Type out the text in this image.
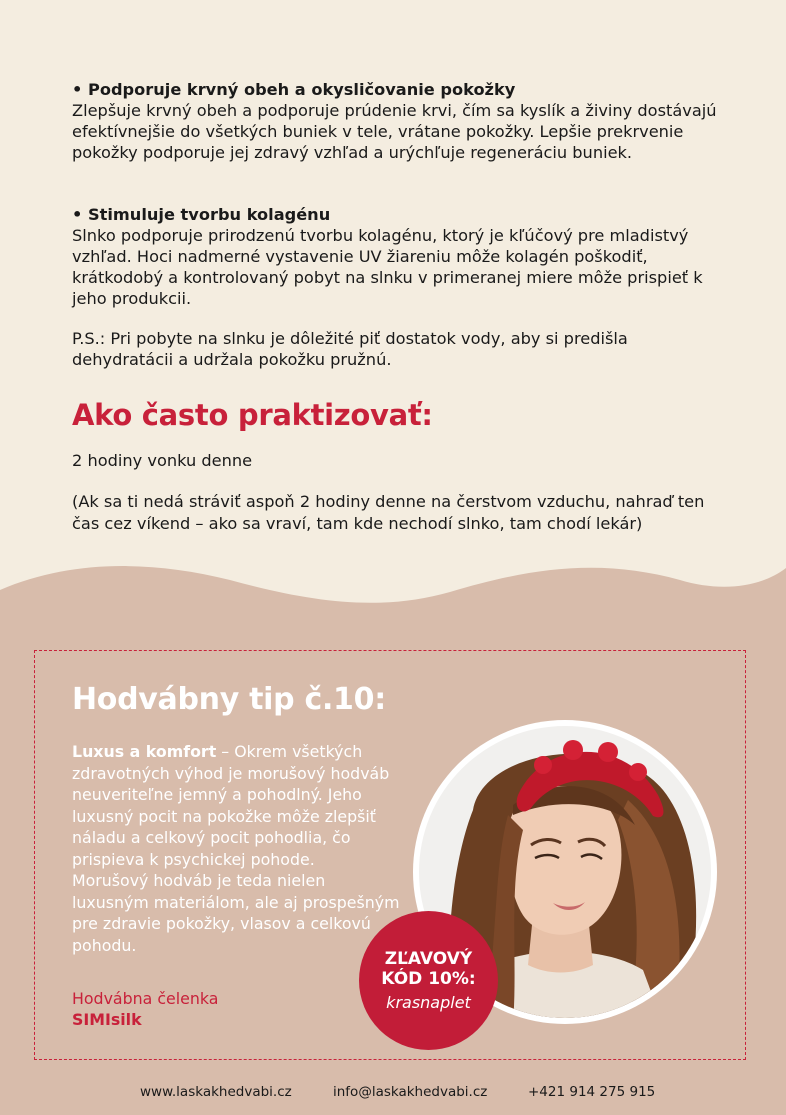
• Podporuje krvný obeh a okysličovanie pokožky
Zlepšuje krvný obeh a podporuje prúdenie krvi, čím sa kyslík a živiny dostávajú efektívnejšie do všetkých buniek v tele, vrátane pokožky. Lepšie prekrvenie pokožky podporuje jej zdravý vzhľad a urýchľuje regeneráciu buniek.
• Stimuluje tvorbu kolagénu
Slnko podporuje prirodzenú tvorbu kolagénu, ktorý je kľúčový pre mladistvý vzhľad. Hoci nadmerné vystavenie UV žiareniu môže kolagén poškodiť, krátkodobý a kontrolovaný pobyt na slnku v primeranej miere môže prispieť k jeho produkcii.
P.S.: Pri pobyte na slnku je dôležité piť dostatok vody, aby si predišla dehydratácii a udržala pokožku pružnú.
Ako často praktizovať:
2 hodiny vonku denne
(Ak sa ti nedá stráviť aspoň 2 hodiny denne na čerstvom vzduchu, nahraď ten čas cez víkend – ako sa vraví, tam kde nechodí slnko, tam chodí lekár)
Hodvábny tip č.10:
Luxus a komfort – Okrem všetkých zdravotných výhod je morušový hodváb neuveriteľne jemný a pohodlný. Jeho luxusný pocit na pokožke môže zlepšiť náladu a celkový pocit pohodlia, čo prispieva k psychickej pohode.
Morušový hodváb je teda nielen luxusným materiálom, ale aj prospešným pre zdravie pokožky, vlasov a celkovú pohodu.
Hodvábna čelenka
SIMIsilk
ZĽAVOVÝ
KÓD 10%:
krasnaplet
www.laskakhedvabi.cz	info@laskakhedvabi.cz	+421 914 275 915
